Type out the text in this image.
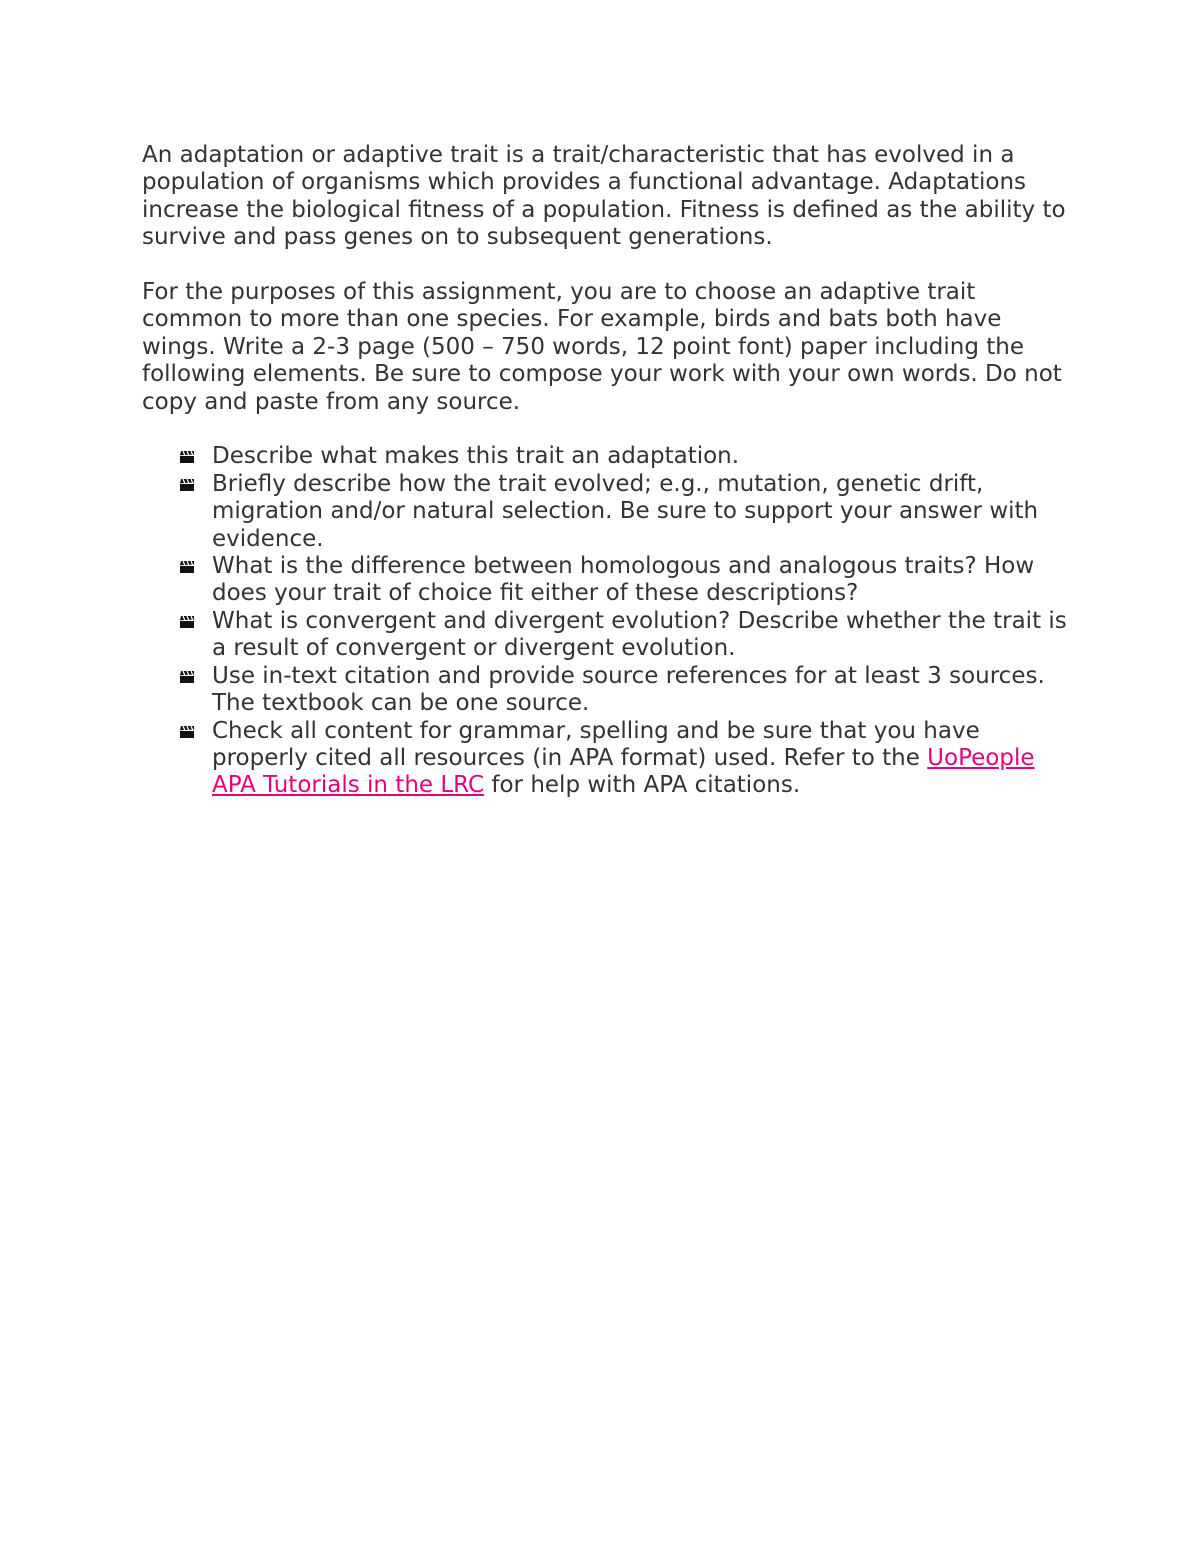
An adaptation or adaptive trait is a trait/characteristic that has evolved in a population of organisms which provides a functional advantage. Adaptations increase the biological fitness of a population. Fitness is defined as the ability to survive and pass genes on to subsequent generations.

For the purposes of this assignment, you are to choose an adaptive trait common to more than one species. For example, birds and bats both have wings. Write a 2-3 page (500 – 750 words, 12 point font) paper including the following elements. Be sure to compose your work with your own words. Do not copy and paste from any source.

Describe what makes this trait an adaptation.
Briefly describe how the trait evolved; e.g., mutation, genetic drift, migration and/or natural selection. Be sure to support your answer with evidence.
What is the difference between homologous and analogous traits? How does your trait of choice fit either of these descriptions?
What is convergent and divergent evolution? Describe whether the trait is a result of convergent or divergent evolution.
Use in-text citation and provide source references for at least 3 sources. The textbook can be one source.
Check all content for grammar, spelling and be sure that you have properly cited all resources (in APA format) used. Refer to the UoPeople APA Tutorials in the LRC for help with APA citations.
